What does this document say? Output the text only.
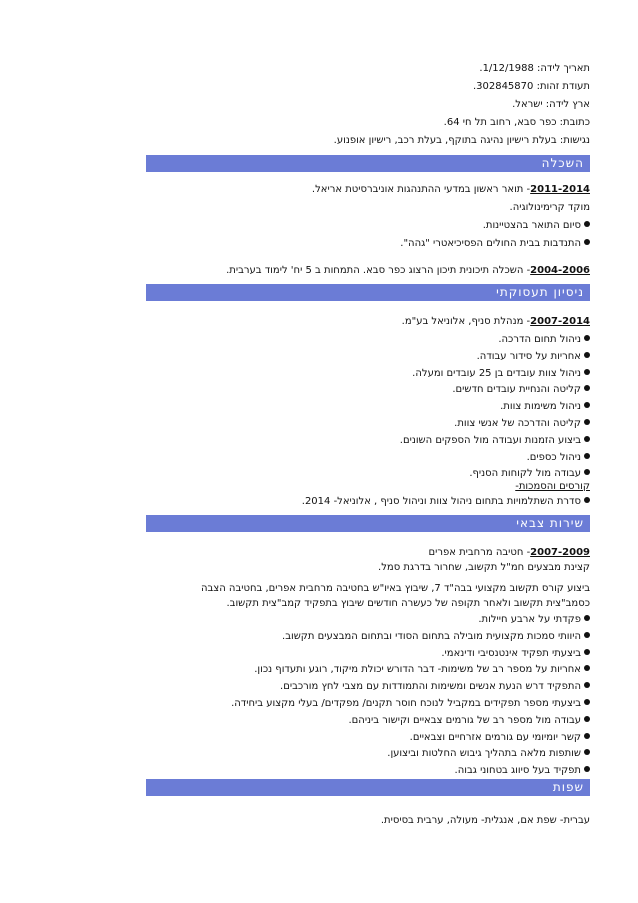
תאריך לידה: 1/12/1988.
תעודת זהות: 302845870.
ארץ לידה: ישראל.
כתובת: כפר סבא, רחוב תל חי 64.
נגישות: בעלת רישיון נהיגה בתוקף, בעלת רכב, רישיון אופנוע.
השכלה
2011-2014- תואר ראשון במדעי ההתנהגות אוניברסיטת אריאל.
מוקד קרימינולוגיה.
סיום התואר בהצטיינות.
התנדבות בבית החולים הפסיכיאטרי "גהה".
2004-2006- השכלה תיכונית תיכון הרצוג כפר סבא. התמחות ב 5 יח' לימוד בערבית.
ניסיון תעסוקתי
2007-2014- מנהלת סניף, אלוניאל בע"מ.
ניהול תחום הדרכה.
אחריות על סידור עבודה.
ניהול צוות עובדים בן 25 עובדים ומעלה.
קליטה והנחיית עובדים חדשים.
ניהול משימות צוות.
קליטה והדרכה של אנשי צוות.
ביצוע הזמנות ועבודה מול הספקים השונים.
ניהול כספים.
עבודה מול לקוחות הסניף.
קורסים והסמכות-
סדרת השתלמויות בתחום ניהול צוות וניהול סניף , אלוניאל- 2014.
שירות צבאי
2007-2009- חטיבה מרחבית אפרים
קצינת מבצעים חמ"ל תקשוב, שחרור בדרגת סמל.
ביצוע קורס תקשוב מקצועי בבה"ד 7, שיבוץ באיו"ש בחטיבה מרחבית אפרים, בחטיבה הצבה
כסמב"צית תקשוב ולאחר תקופה של כעשרה חודשים שיבוץ בתפקיד קמב"צית תקשוב.
פקדתי על ארבע חיילות.
היוותי סמכות מקצועית מובילה בתחום הסודי ובתחום המבצעים תקשוב.
ביצעתי תפקיד אינטנסיבי ודינאמי.
אחריות על מספר רב של משימות- דבר הדורש יכולת מיקוד, רוגע ותעדוף נכון.
התפקיד דרש הנעת אנשים ומשימות והתמודדות עם מצבי לחץ מורכבים.
ביצעתי מספר תפקידים במקביל לנוכח חוסר תקנים/ מפקדים/ בעלי מקצוע ביחידה.
עבודה מול מספר רב של גורמים צבאיים וקישור ביניהם.
קשר יומיומי עם גורמים אזרחיים וצבאיים.
שותפות מלאה בתהליך גיבוש החלטות וביצוען.
תפקיד בעל סיווג בטחוני גבוה.
שפות
עברית- שפת אם, אנגלית- מעולה, ערבית בסיסית.
